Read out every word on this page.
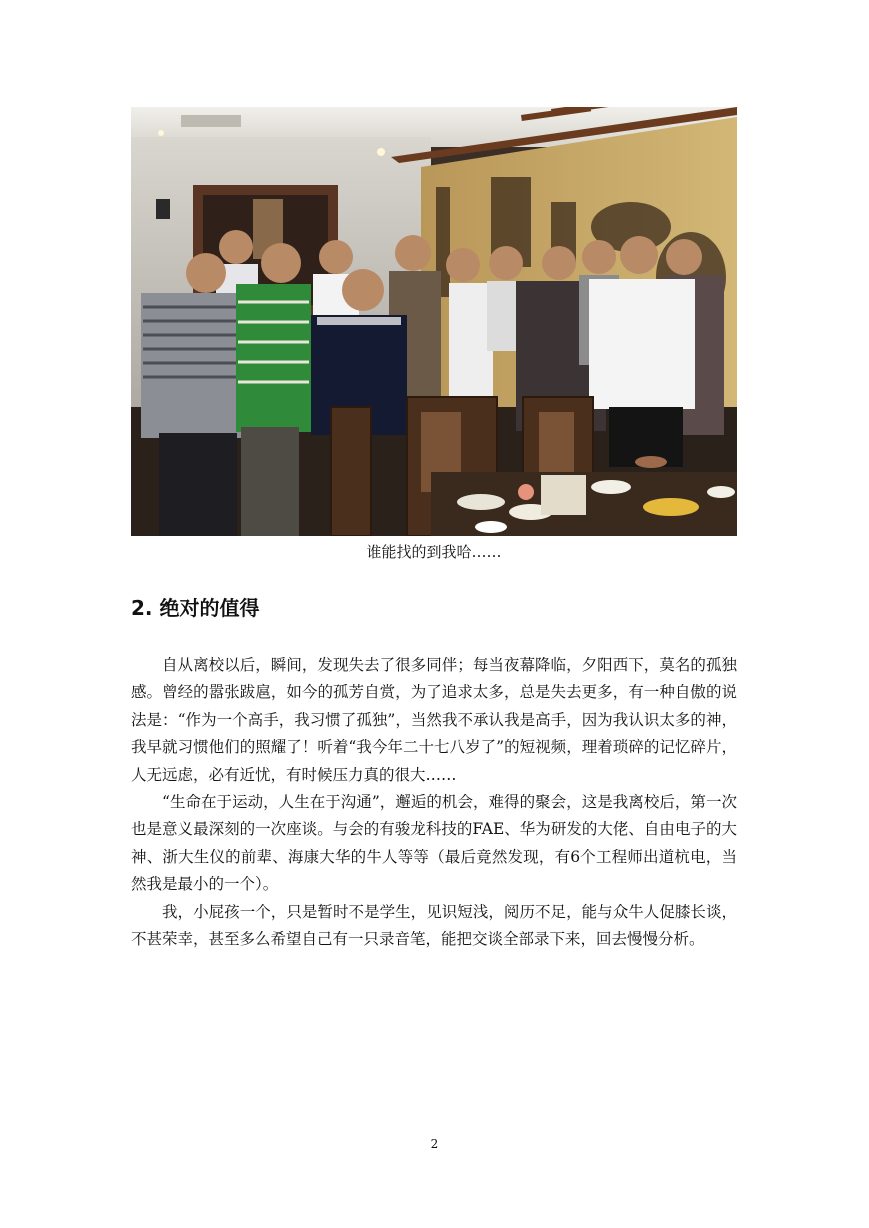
谁能找的到我哈……
2. 绝对的值得

自从离校以后，瞬间，发现失去了很多同伴；每当夜幕降临，夕阳西下，莫名的孤独感。曾经的嚣张跋扈，如今的孤芳自赏，为了追求太多，总是失去更多，有一种自傲的说法是：“作为一个高手，我习惯了孤独”，当然我不承认我是高手，因为我认识太多的神，我早就习惯他们的照耀了！听着“我今年二十七八岁了”的短视频，理着琐碎的记忆碎片，人无远虑，必有近忧，有时候压力真的很大……

“生命在于运动，人生在于沟通”，邂逅的机会，难得的聚会，这是我离校后，第一次也是意义最深刻的一次座谈。与会的有骏龙科技的FAE、华为研发的大佬、自由电子的大神、浙大生仪的前辈、海康大华的牛人等等（最后竟然发现，有6个工程师出道杭电，当然我是最小的一个）。

我，小屁孩一个，只是暂时不是学生，见识短浅，阅历不足，能与众牛人促膝长谈，不甚荣幸，甚至多么希望自己有一只录音笔，能把交谈全部录下来，回去慢慢分析。

2
